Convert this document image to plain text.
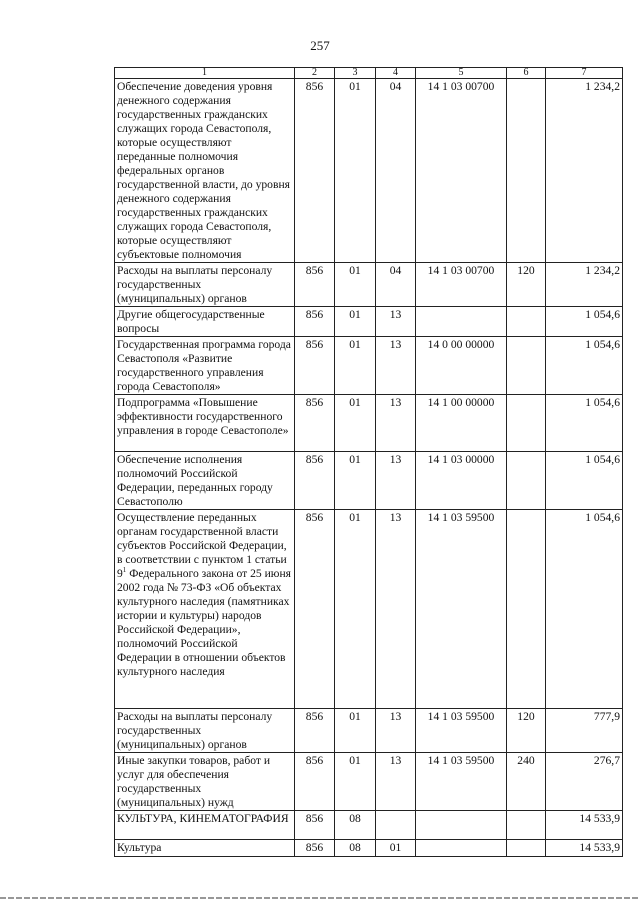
257
1	2	3	4	5	6	7
Обеспечение доведения уровня денежного содержания государственных гражданских служащих города Севастополя, которые осуществляют переданные полномочия федеральных органов государственной власти, до уровня денежного содержания государственных гражданских служащих города Севастополя, которые осуществляют субъектовые полномочия	856	01	04	14 1 03 00700		1 234,2
Расходы на выплаты персоналу государственных (муниципальных) органов	856	01	04	14 1 03 00700	120	1 234,2
Другие общегосударственные вопросы	856	01	13			1 054,6
Государственная программа города Севастополя «Развитие государственного управления города Севастополя»	856	01	13	14 0 00 00000		1 054,6
Подпрограмма «Повышение эффективности государственного управления в городе Севастополе»	856	01	13	14 1 00 00000		1 054,6
Обеспечение исполнения полномочий Российской Федерации, переданных городу Севастополю	856	01	13	14 1 03 00000		1 054,6
Осуществление переданных органам государственной власти субъектов Российской Федерации, в соответствии с пунктом 1 статьи $9^1$ Федерального закона от 25 июня 2002 года № 73-ФЗ «Об объектах культурного наследия (памятниках истории и культуры) народов Российской Федерации», полномочий Российской Федерации в отношении объектов культурного наследия	856	01	13	14 1 03 59500		1 054,6
Расходы на выплаты персоналу государственных (муниципальных) органов	856	01	13	14 1 03 59500	120	777,9
Иные закупки товаров, работ и услуг для обеспечения государственных (муниципальных) нужд	856	01	13	14 1 03 59500	240	276,7
КУЛЬТУРА, КИНЕМАТОГРАФИЯ	856	08				14 533,9
Культура	856	08	01			14 533,9
